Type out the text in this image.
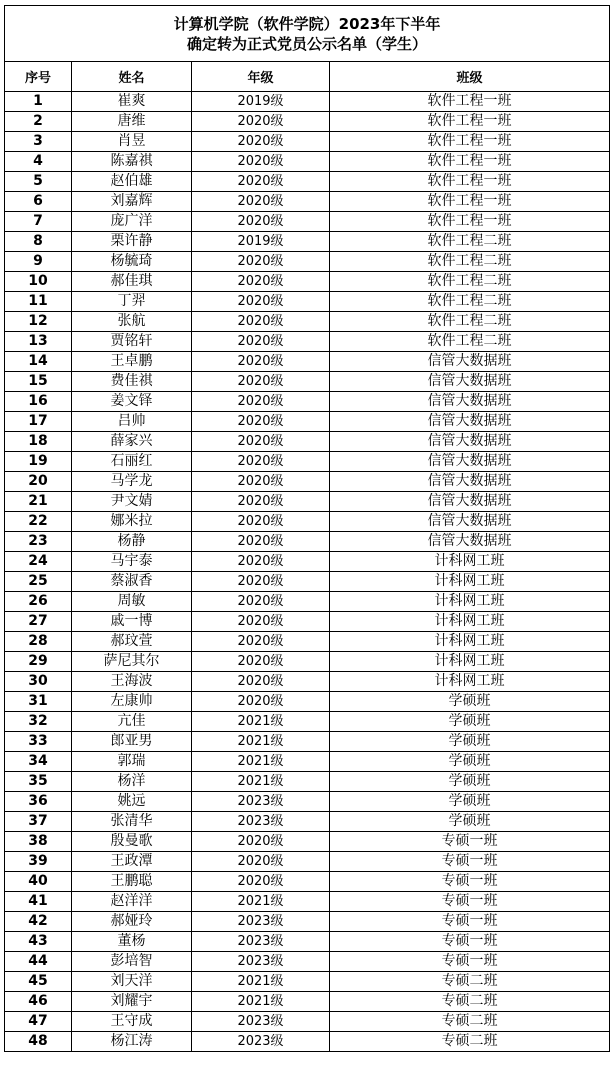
计算机学院（软件学院）2023年下半年
确定转为正式党员公示名单（学生）			

序号	姓名	年级	班级
1	崔爽	2019级	软件工程一班
2	唐维	2020级	软件工程一班
3	肖昱	2020级	软件工程一班
4	陈嘉祺	2020级	软件工程一班
5	赵伯雄	2020级	软件工程一班
6	刘嘉辉	2020级	软件工程一班
7	庞广洋	2020级	软件工程一班
8	栗许静	2019级	软件工程二班
9	杨毓琦	2020级	软件工程二班
10	郝佳琪	2020级	软件工程二班
11	丁羿	2020级	软件工程二班
12	张航	2020级	软件工程二班
13	贾铭轩	2020级	软件工程二班
14	王卓鹏	2020级	信管大数据班
15	费佳祺	2020级	信管大数据班
16	姜文铎	2020级	信管大数据班
17	吕帅	2020级	信管大数据班
18	薛家兴	2020级	信管大数据班
19	石丽红	2020级	信管大数据班
20	马学龙	2020级	信管大数据班
21	尹文婧	2020级	信管大数据班
22	娜米拉	2020级	信管大数据班
23	杨静	2020级	信管大数据班
24	马宇泰	2020级	计科网工班
25	蔡淑香	2020级	计科网工班
26	周敏	2020级	计科网工班
27	戚一博	2020级	计科网工班
28	郝玟萱	2020级	计科网工班
29	萨尼其尔	2020级	计科网工班
30	王海波	2020级	计科网工班
31	左康帅	2020级	学硕班
32	亢佳	2021级	学硕班
33	郎亚男	2021级	学硕班
34	郭瑞	2021级	学硕班
35	杨洋	2021级	学硕班
36	姚远	2023级	学硕班
37	张清华	2023级	学硕班
38	殷曼歌	2020级	专硕一班
39	王政潭	2020级	专硕一班
40	王鹏聪	2020级	专硕一班
41	赵洋洋	2021级	专硕一班
42	郝娅玲	2023级	专硕一班
43	董杨	2023级	专硕一班
44	彭培智	2023级	专硕一班
45	刘天洋	2021级	专硕二班
46	刘耀宇	2021级	专硕二班
47	王守成	2023级	专硕二班
48	杨江涛	2023级	专硕二班
